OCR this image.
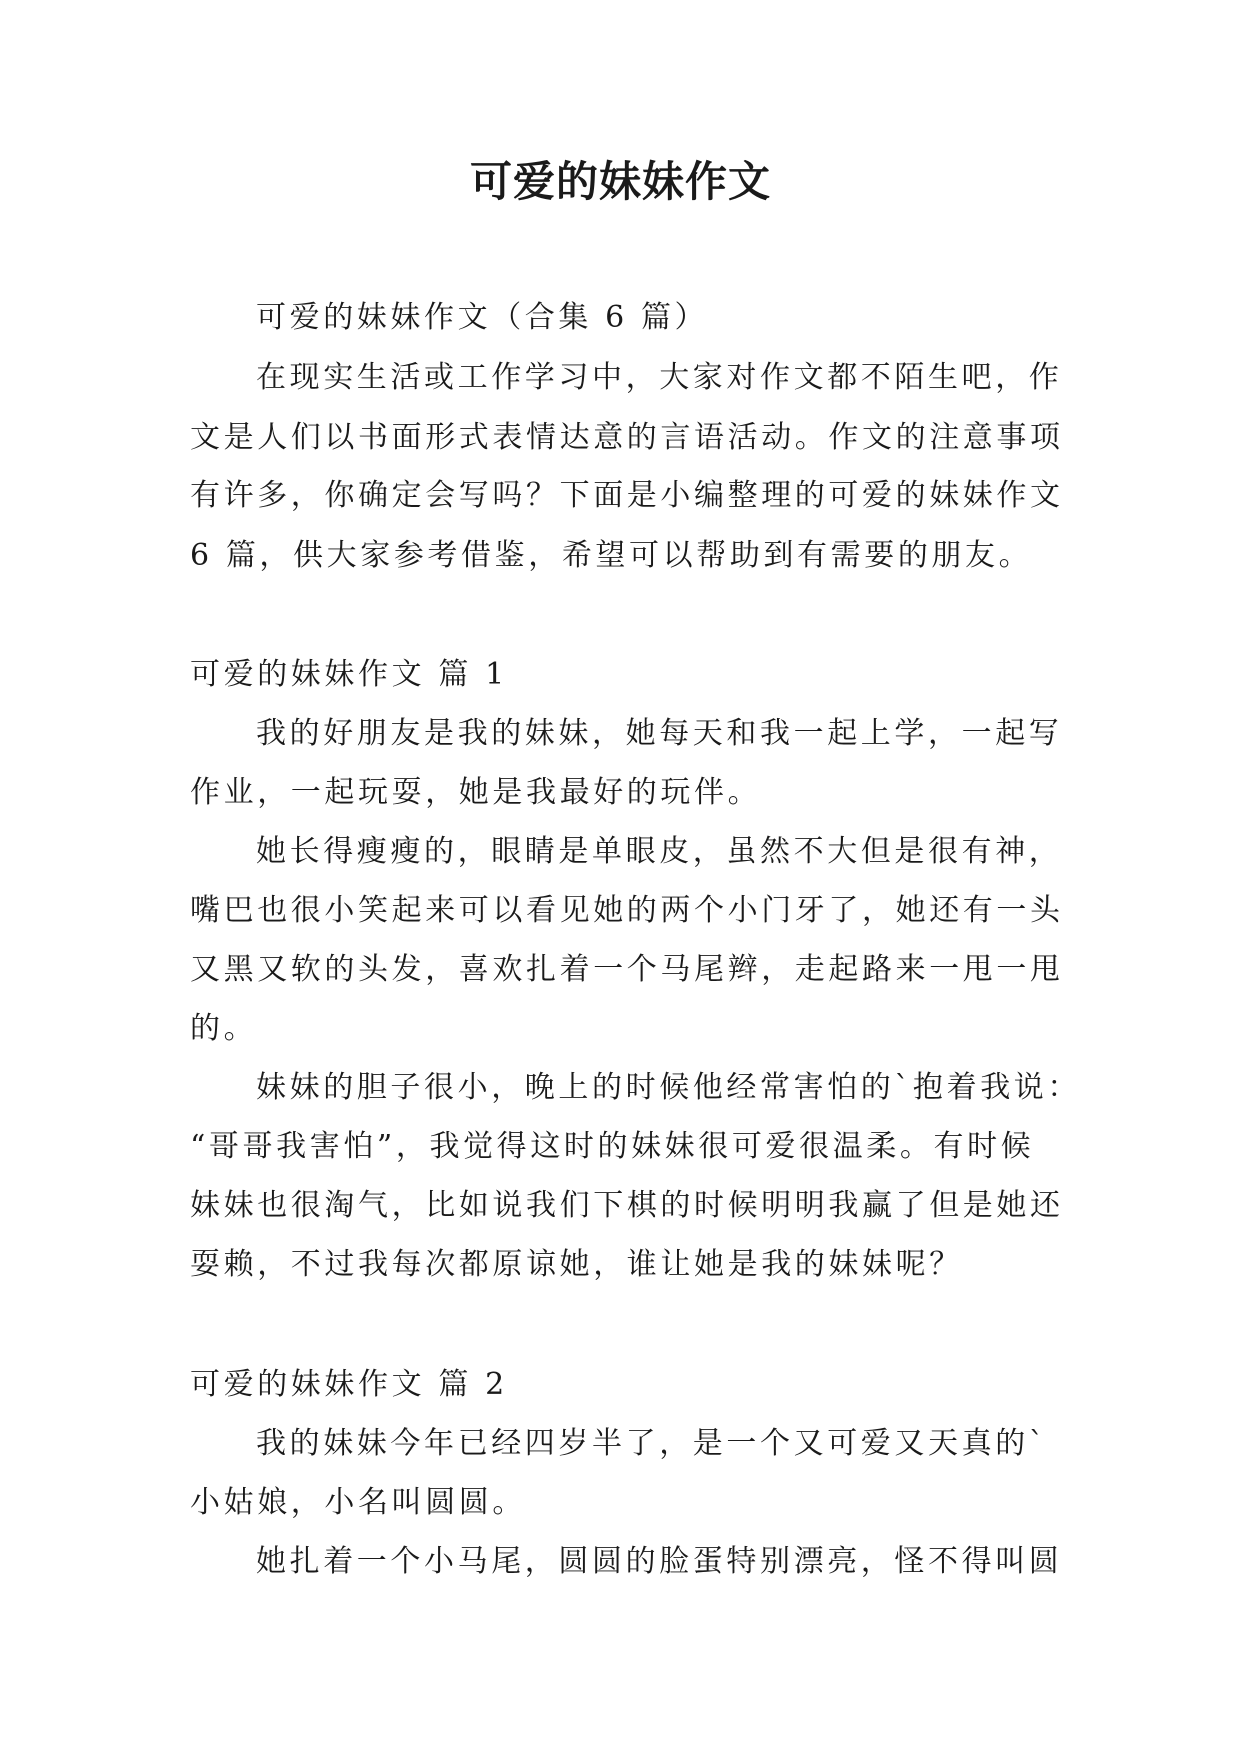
可爱的妹妹作文
可爱的妹妹作文（合集 6 篇）
在现实生活或工作学习中，大家对作文都不陌生吧，作
文是人们以书面形式表情达意的言语活动。作文的注意事项
有许多，你确定会写吗？下面是小编整理的可爱的妹妹作文
6 篇，供大家参考借鉴，希望可以帮助到有需要的朋友。
可爱的妹妹作文 篇 1
我的好朋友是我的妹妹，她每天和我一起上学，一起写
作业，一起玩耍，她是我最好的玩伴。
她长得瘦瘦的，眼睛是单眼皮，虽然不大但是很有神，
嘴巴也很小笑起来可以看见她的两个小门牙了，她还有一头
又黑又软的头发，喜欢扎着一个马尾辫，走起路来一甩一甩
的。
妹妹的胆子很小，晚上的时候他经常害怕的`抱着我说：
“哥哥我害怕”，我觉得这时的妹妹很可爱很温柔。有时候
妹妹也很淘气，比如说我们下棋的时候明明我赢了但是她还
耍赖，不过我每次都原谅她，谁让她是我的妹妹呢？
可爱的妹妹作文 篇 2
我的妹妹今年已经四岁半了，是一个又可爱又天真的`
小姑娘，小名叫圆圆。
她扎着一个小马尾，圆圆的脸蛋特别漂亮，怪不得叫圆
